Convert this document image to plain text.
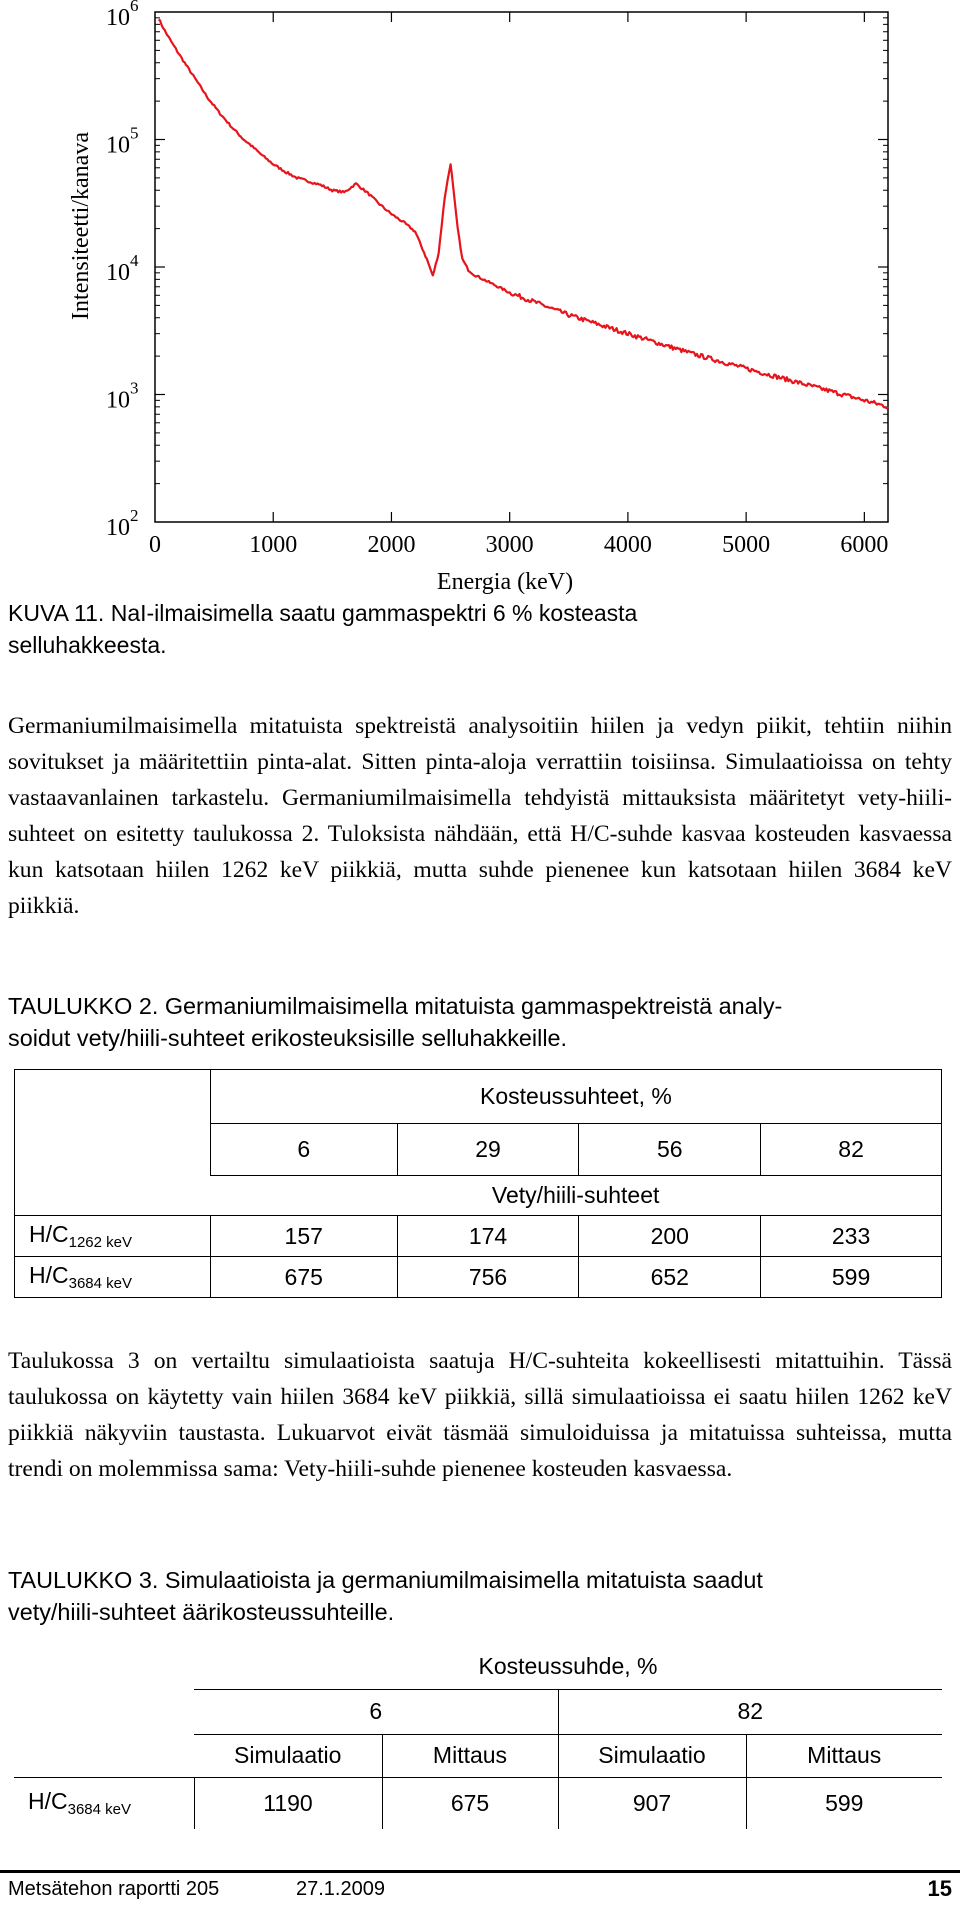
$10^2$
$10^3$
$10^4$
$10^5$
$10^6$
0	1000	2000	3000	4000	5000	6000
Intensiteetti/kanava
Energia (keV)

KUVA 11. NaI-ilmaisimella saatu gammaspektri 6 % kosteasta

selluhakkeesta.

Germaniumilmaisimella mitatuista spektreistä analysoitiin hiilen ja vedyn piikit, tehtiin niihin sovitukset ja määritettiin pinta-alat. Sitten pinta-aloja verrattiin toisiinsa. Simulaatioissa on tehty vastaavanlainen tarkastelu. Germaniumilmaisimella tehdyistä mittauksista määritetyt vety-hiili-suhteet on esitetty taulukossa 2. Tuloksista nähdään, että H/C-suhde kasvaa kosteuden kasvaessa kun katsotaan hiilen 1262 keV piikkiä, mutta suhde pienenee kun katsotaan hiilen 3684 keV piikkiä.

TAULUKKO 2. Germaniumilmaisimella mitatuista gammaspektreistä analy-

soidut vety/hiili-suhteet erikosteuksisille selluhakkeille.

	Kosteussuhteet, %			
	6	29	56	82
	Vety/hiili-suhteet			
$H/C_{1262 keV}$	157	174	200	233
$H/C_{3684 keV}$	675	756	652	599

Taulukossa 3 on vertailtu simulaatioista saatuja H/C-suhteita kokeellisesti mitattuihin. Tässä taulukossa on käytetty vain hiilen 3684 keV piikkiä, sillä simulaatioissa ei saatu hiilen 1262 keV piikkiä näkyviin taustasta. Lukuarvot eivät täsmää simuloiduissa ja mitatuissa suhteissa, mutta trendi on molemmissa sama: Vety-hiili-suhde pienenee kosteuden kasvaessa.

TAULUKKO 3. Simulaatioista ja germaniumilmaisimella mitatuista saadut

vety/hiili-suhteet äärikosteussuhteille.

	Kosteussuhde, %			
	6		82	
	Simulaatio	Mittaus	Simulaatio	Mittaus
$H/C_{3684 keV}$	1190	675	907	599
Metsätehon raportti 205	27.1.2009	15
